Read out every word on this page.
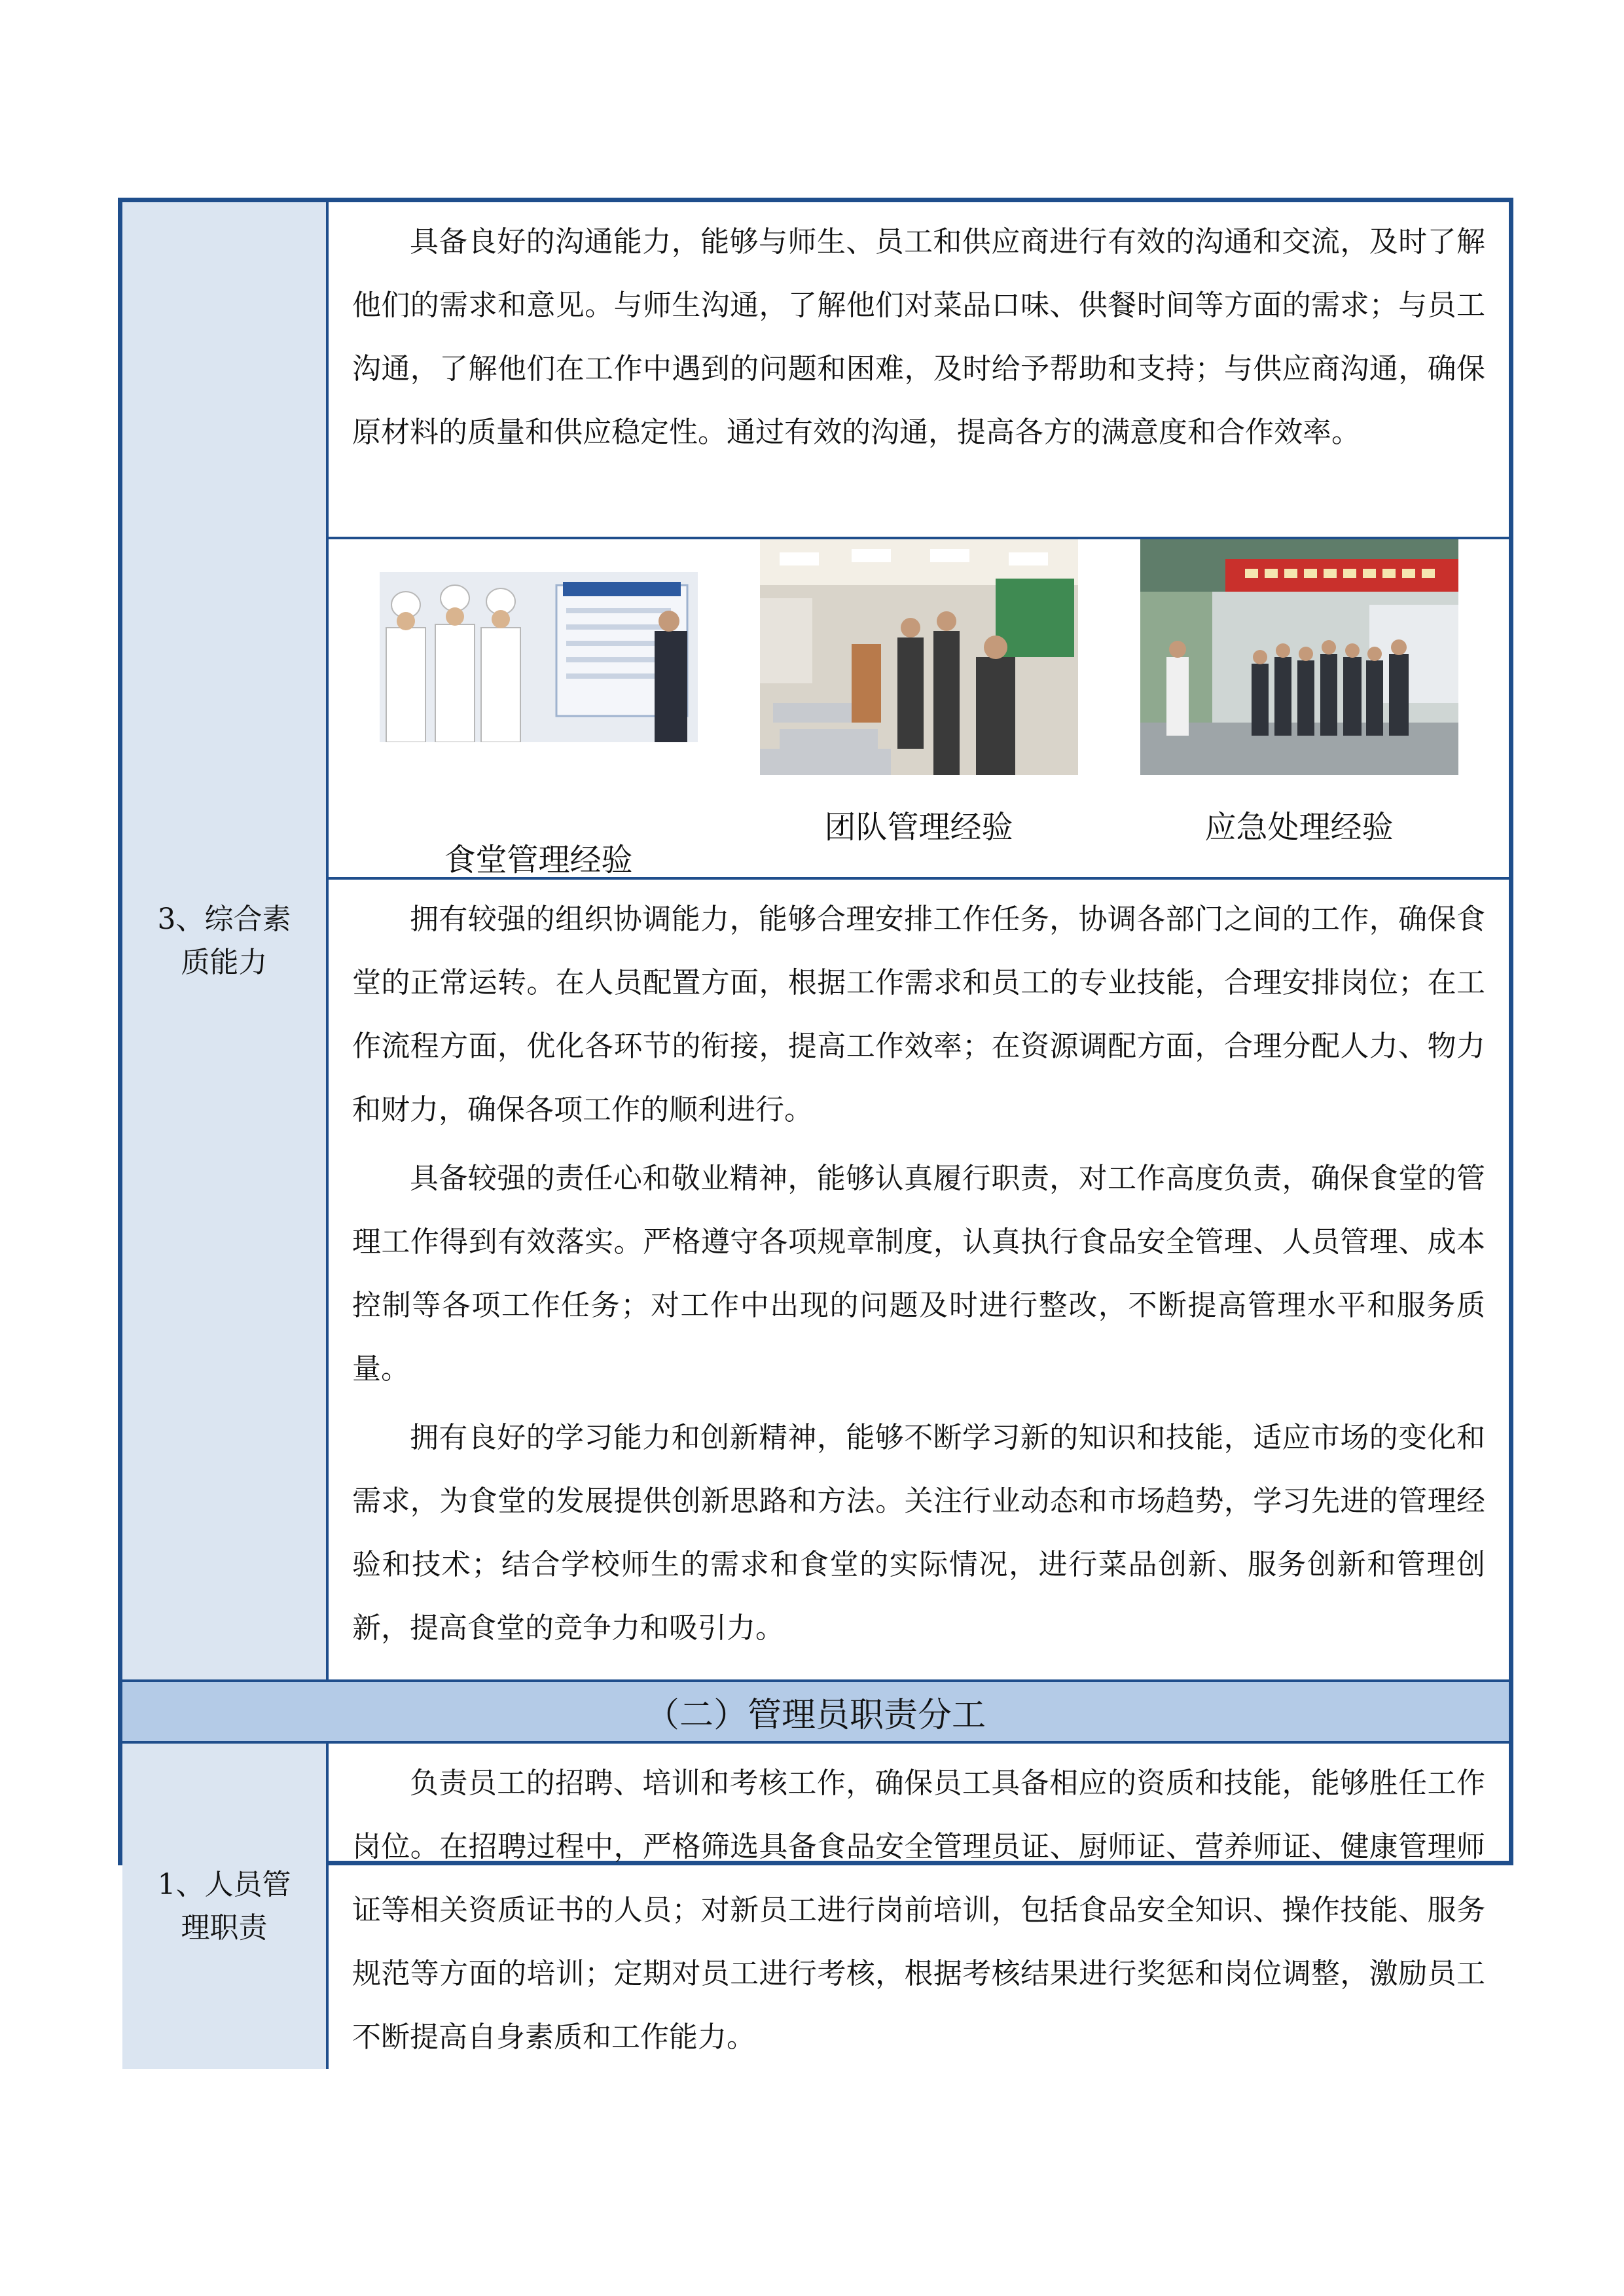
3、综合素质能力

具备良好的沟通能力，能够与师生、员工和供应商进行有效的沟通和交流，及时了解他们的需求和意见。与师生沟通，了解他们对菜品口味、供餐时间等方面的需求；与员工沟通，了解他们在工作中遇到的问题和困难，及时给予帮助和支持；与供应商沟通，确保原材料的质量和供应稳定性。通过有效的沟通，提高各方的满意度和合作效率。

食堂管理经验
团队管理经验	应急处理经验

拥有较强的组织协调能力，能够合理安排工作任务，协调各部门之间的工作，确保食堂的正常运转。在人员配置方面，根据工作需求和员工的专业技能，合理安排岗位；在工作流程方面，优化各环节的衔接，提高工作效率；在资源调配方面，合理分配人力、物力和财力，确保各项工作的顺利进行。

具备较强的责任心和敬业精神，能够认真履行职责，对工作高度负责，确保食堂的管理工作得到有效落实。严格遵守各项规章制度，认真执行食品安全管理、人员管理、成本控制等各项工作任务；对工作中出现的问题及时进行整改，不断提高管理水平和服务质量。

拥有良好的学习能力和创新精神，能够不断学习新的知识和技能，适应市场的变化和需求，为食堂的发展提供创新思路和方法。关注行业动态和市场趋势，学习先进的管理经验和技术；结合学校师生的需求和食堂的实际情况，进行菜品创新、服务创新和管理创新，提高食堂的竞争力和吸引力。

（二）管理员职责分工
1、人员管理职责

负责员工的招聘、培训和考核工作，确保员工具备相应的资质和技能，能够胜任工作岗位。在招聘过程中，严格筛选具备食品安全管理员证、厨师证、营养师证、健康管理师证等相关资质证书的人员；对新员工进行岗前培训，包括食品安全知识、操作技能、服务规范等方面的培训；定期对员工进行考核，根据考核结果进行奖惩和岗位调整，激励员工不断提高自身素质和工作能力。
